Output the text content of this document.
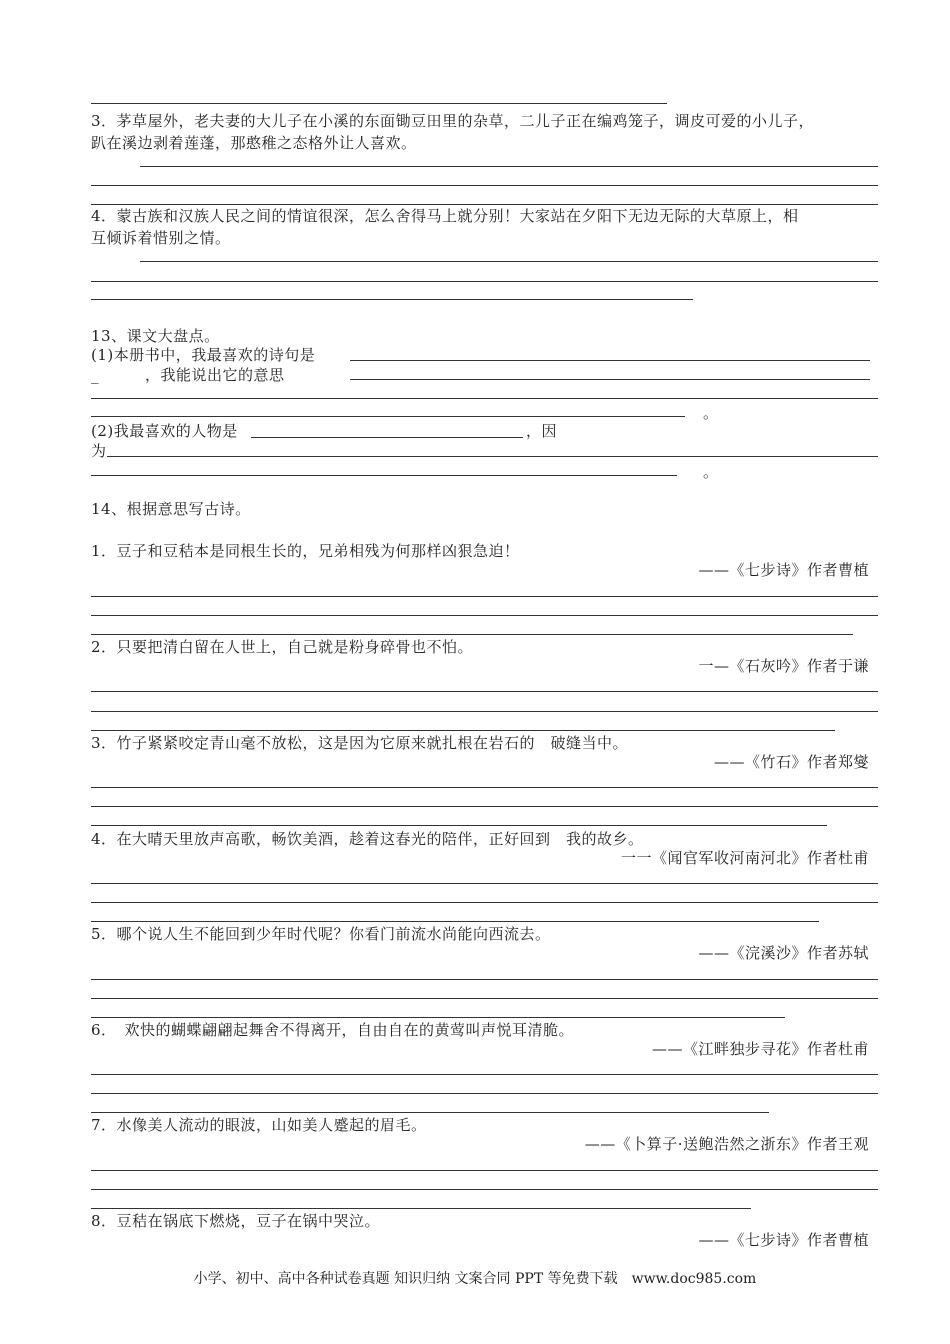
3．茅草屋外，老夫妻的大儿子在小溪的东面锄豆田里的杂草，二儿子正在编鸡笼子，调皮可爱的小儿子，
趴在溪边剥着莲蓬，那憨稚之态格外让人喜欢。
4．蒙古族和汉族人民之间的情谊很深，怎么舍得马上就分别！大家站在夕阳下无边无际的大草原上，相
互倾诉着惜别之情。
13、课文大盘点。
(1)本册书中，我最喜欢的诗句是
_	，我能说出它的意思
。
(2)我最喜欢的人物是	，因
为
。
14、根据意思写古诗。
1．豆子和豆秸本是同根生长的，兄弟相残为何那样凶狠急迫！
——《七步诗》作者曹植
2．只要把清白留在人世上，自己就是粉身碎骨也不怕。
一—《石灰吟》作者于谦
3．竹子紧紧咬定青山毫不放松，这是因为它原来就扎根在岩石的　破缝当中。
——《竹石》作者郑燮
4．在大晴天里放声高歌，畅饮美酒，趁着这春光的陪伴，正好回到　我的故乡。
一一《闻官军收河南河北》作者杜甫
5．哪个说人生不能回到少年时代呢？你看门前流水尚能向西流去。
——《浣溪沙》作者苏轼
6．　欢快的蝴蝶翩翩起舞舍不得离开，自由自在的黄莺叫声悦耳清脆。
——《江畔独步寻花》作者杜甫
7．水像美人流动的眼波，山如美人蹙起的眉毛。
——《卜算子·送鲍浩然之浙东》作者王观
8．豆秸在锅底下燃烧，豆子在锅中哭泣。
——《七步诗》作者曹植
小学、初中、高中各种试卷真题 知识归纳 文案合同 PPT 等免费下载　www.doc985.com
